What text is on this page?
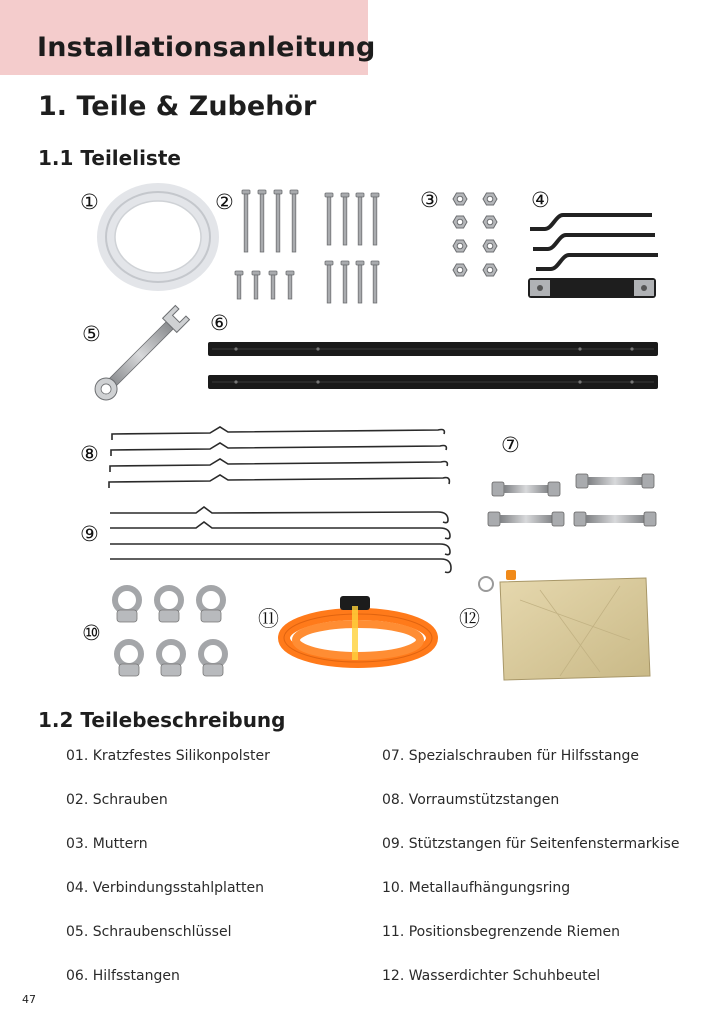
Installationsanleitung
1. Teile & Zubehör
1.1 Teileliste
①	②	③	④
⑤	⑥
⑦
⑧
⑨
⑩
⑪	⑫
1.2 Teilebeschreibung
01. Kratzfestes Silikonpolster
02. Schrauben
03. Muttern
04. Verbindungsstahlplatten
05. Schraubenschlüssel
06. Hilfsstangen
07. Spezialschrauben für Hilfsstange
08. Vorraumstützstangen
09. Stützstangen für Seitenfenstermarkise
10. Metallaufhängungsring
11. Positionsbegrenzende Riemen
12. Wasserdichter Schuhbeutel
47
